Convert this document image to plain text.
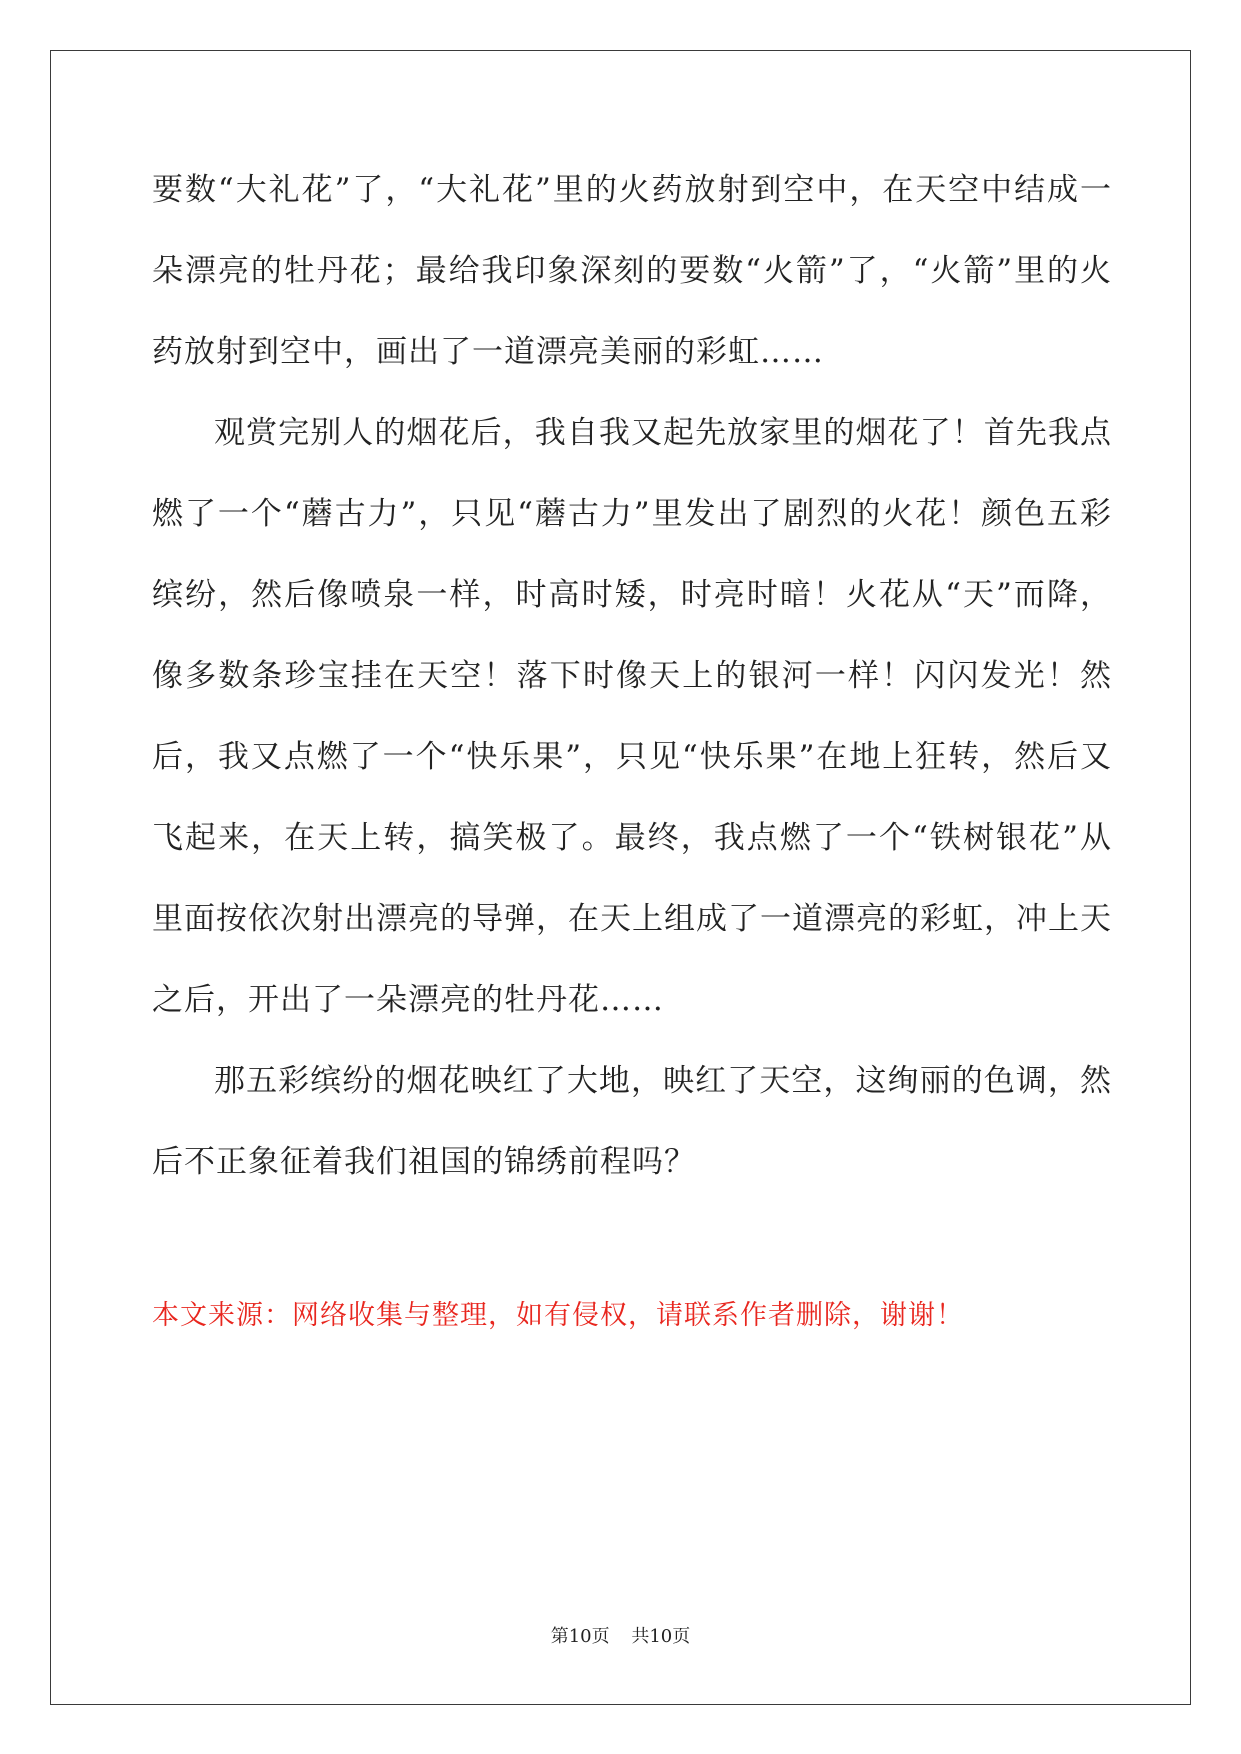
要数“大礼花”了，“大礼花”里的火药放射到空中，在天空中结成一朵漂亮的牡丹花；最给我印象深刻的要数“火箭”了，“火箭”里的火药放射到空中，画出了一道漂亮美丽的彩虹……

观赏完别人的烟花后，我自我又起先放家里的烟花了！首先我点燃了一个“蘑古力”，只见“蘑古力”里发出了剧烈的火花！颜色五彩缤纷，然后像喷泉一样，时高时矮，时亮时暗！火花从“天”而降，像多数条珍宝挂在天空！落下时像天上的银河一样！闪闪发光！然后，我又点燃了一个“快乐果”，只见“快乐果”在地上狂转，然后又飞起来，在天上转，搞笑极了。最终，我点燃了一个“铁树银花”从里面按依次射出漂亮的导弹，在天上组成了一道漂亮的彩虹，冲上天之后，开出了一朵漂亮的牡丹花……

那五彩缤纷的烟花映红了大地，映红了天空，这绚丽的色调，然后不正象征着我们祖国的锦绣前程吗？

本文来源：网络收集与整理，如有侵权，请联系作者删除，谢谢！
第10页 共10页
